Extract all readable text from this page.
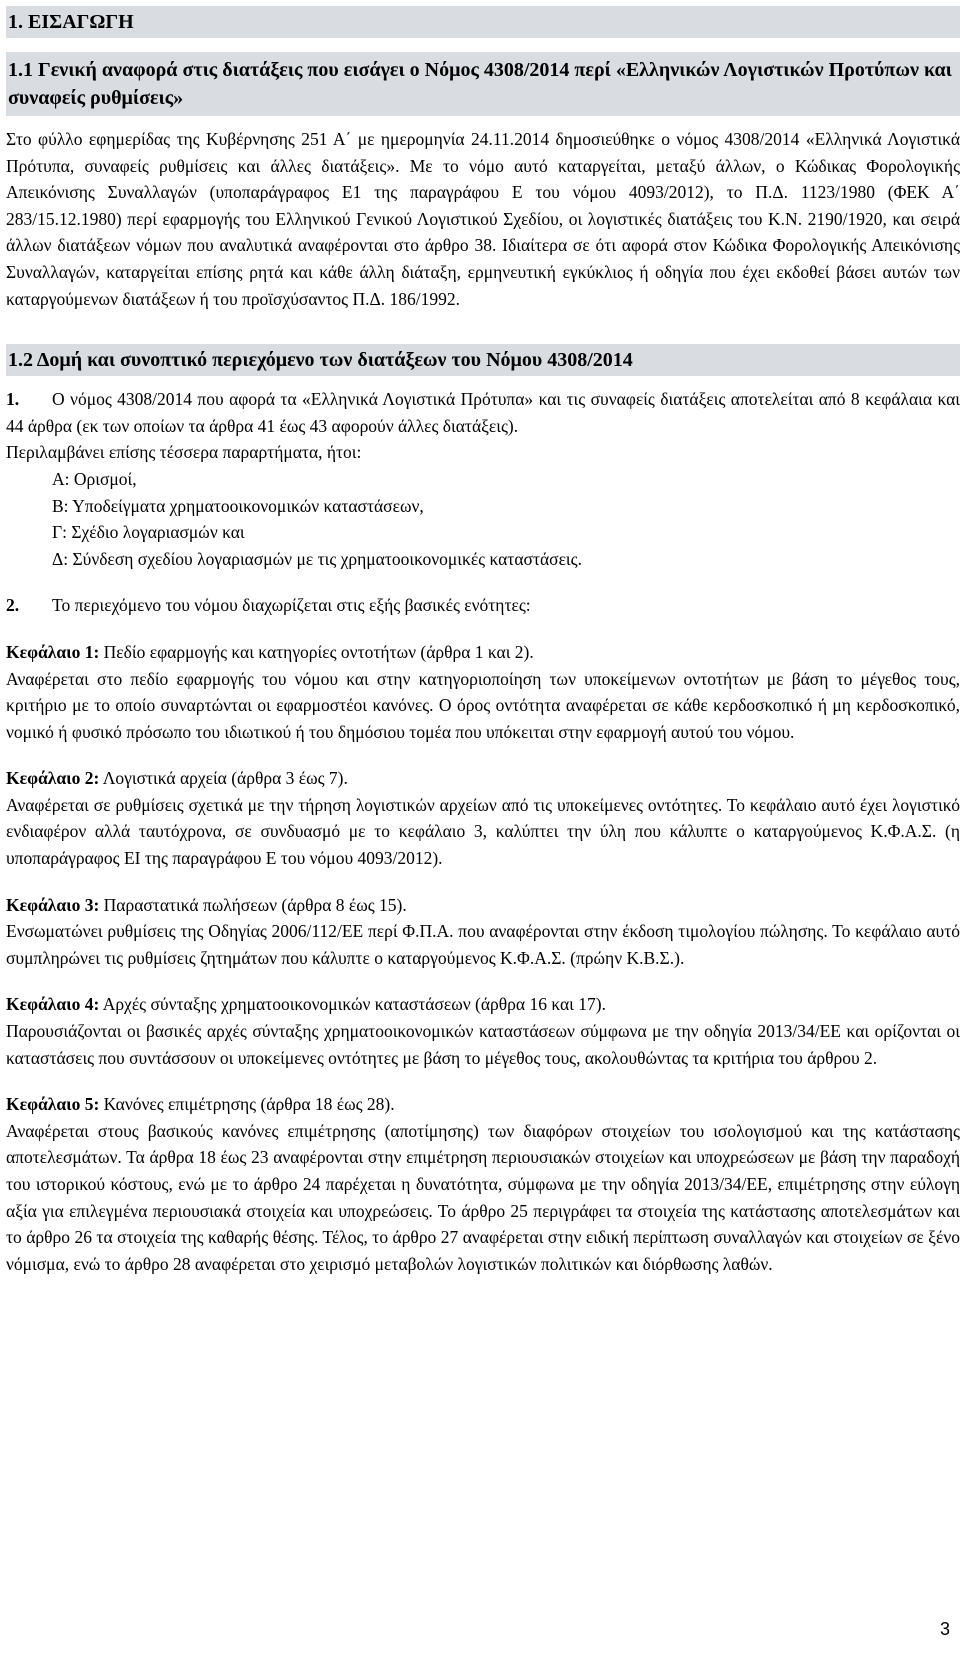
1. ΕΙΣΑΓΩΓΗ
1.1 Γενική αναφορά στις διατάξεις που εισάγει ο Νόμος 4308/2014 περί «Ελληνικών Λογιστικών Προτύπων και συναφείς ρυθμίσεις»

Στο φύλλο εφημερίδας της Κυβέρνησης 251 Α΄ με ημερομηνία 24.11.2014 δημοσιεύθηκε ο νόμος 4308/2014 «Ελληνικά Λογιστικά Πρότυπα, συναφείς ρυθμίσεις και άλλες διατάξεις». Με το νόμο αυτό καταργείται, μεταξύ άλλων, ο Κώδικας Φορολογικής Απεικόνισης Συναλλαγών (υποπαράγραφος Ε1 της παραγράφου Ε του νόμου 4093/2012), το Π.Δ. 1123/1980 (ΦΕΚ Α΄ 283/15.12.1980) περί εφαρμογής του Ελληνικού Γενικού Λογιστικού Σχεδίου, οι λογιστικές διατάξεις του Κ.Ν. 2190/1920, και σειρά άλλων διατάξεων νόμων που αναλυτικά αναφέρονται στο άρθρο 38. Ιδιαίτερα σε ότι αφορά στον Κώδικα Φορολογικής Απεικόνισης Συναλλαγών, καταργείται επίσης ρητά και κάθε άλλη διάταξη, ερμηνευτική εγκύκλιος ή οδηγία που έχει εκδοθεί βάσει αυτών των καταργούμενων διατάξεων ή του προϊσχύσαντος Π.Δ. 186/1992.

1.2 Δομή και συνοπτικό περιεχόμενο των διατάξεων του Νόμου 4308/2014

1. Ο νόμος 4308/2014 που αφορά τα «Ελληνικά Λογιστικά Πρότυπα» και τις συναφείς διατάξεις αποτελείται από 8 κεφάλαια και 44 άρθρα (εκ των οποίων τα άρθρα 41 έως 43 αφορούν άλλες διατάξεις).

Περιλαμβάνει επίσης τέσσερα παραρτήματα, ήτοι:

Α: Ορισμοί,

Β: Υποδείγματα χρηματοοικονομικών καταστάσεων,

Γ: Σχέδιο λογαριασμών και

Δ: Σύνδεση σχεδίου λογαριασμών με τις χρηματοοικονομικές καταστάσεις.

2. Το περιεχόμενο του νόμου διαχωρίζεται στις εξής βασικές ενότητες:

Κεφάλαιο 1: Πεδίο εφαρμογής και κατηγορίες οντοτήτων (άρθρα 1 και 2).

Αναφέρεται στο πεδίο εφαρμογής του νόμου και στην κατηγοριοποίηση των υποκείμενων οντοτήτων με βάση το μέγεθος τους, κριτήριο με το οποίο συναρτώνται οι εφαρμοστέοι κανόνες. Ο όρος οντότητα αναφέρεται σε κάθε κερδοσκοπικό ή μη κερδοσκοπικό, νομικό ή φυσικό πρόσωπο του ιδιωτικού ή του δημόσιου τομέα που υπόκειται στην εφαρμογή αυτού του νόμου.

Κεφάλαιο 2: Λογιστικά αρχεία (άρθρα 3 έως 7).

Αναφέρεται σε ρυθμίσεις σχετικά με την τήρηση λογιστικών αρχείων από τις υποκείμενες οντότητες. Το κεφάλαιο αυτό έχει λογιστικό ενδιαφέρον αλλά ταυτόχρονα, σε συνδυασμό με το κεφάλαιο 3, καλύπτει την ύλη που κάλυπτε ο καταργούμενος Κ.Φ.Α.Σ. (η υποπαράγραφος ΕΙ της παραγράφου Ε του νόμου 4093/2012).

Κεφάλαιο 3: Παραστατικά πωλήσεων (άρθρα 8 έως 15).

Ενσωματώνει ρυθμίσεις της Οδηγίας 2006/112/ΕΕ περί Φ.Π.Α. που αναφέρονται στην έκδοση τιμολογίου πώλησης. Το κεφάλαιο αυτό συμπληρώνει τις ρυθμίσεις ζητημάτων που κάλυπτε ο καταργούμενος Κ.Φ.Α.Σ. (πρώην Κ.Β.Σ.).

Κεφάλαιο 4: Αρχές σύνταξης χρηματοοικονομικών καταστάσεων (άρθρα 16 και 17).

Παρουσιάζονται οι βασικές αρχές σύνταξης χρηματοοικονομικών καταστάσεων σύμφωνα με την οδηγία 2013/34/ΕΕ και ορίζονται οι καταστάσεις που συντάσσουν οι υποκείμενες οντότητες με βάση το μέγεθος τους, ακολουθώντας τα κριτήρια του άρθρου 2.

Κεφάλαιο 5: Κανόνες επιμέτρησης (άρθρα 18 έως 28).

Αναφέρεται στους βασικούς κανόνες επιμέτρησης (αποτίμησης) των διαφόρων στοιχείων του ισολογισμού και της κατάστασης αποτελεσμάτων. Τα άρθρα 18 έως 23 αναφέρονται στην επιμέτρηση περιουσιακών στοιχείων και υποχρεώσεων με βάση την παραδοχή του ιστορικού κόστους, ενώ με το άρθρο 24 παρέχεται η δυνατότητα, σύμφωνα με την οδηγία 2013/34/ΕΕ, επιμέτρησης στην εύλογη αξία για επιλεγμένα περιουσιακά στοιχεία και υποχρεώσεις. Το άρθρο 25 περιγράφει τα στοιχεία της κατάστασης αποτελεσμάτων και το άρθρο 26 τα στοιχεία της καθαρής θέσης. Τέλος, το άρθρο 27 αναφέρεται στην ειδική περίπτωση συναλλαγών και στοιχείων σε ξένο νόμισμα, ενώ το άρθρο 28 αναφέρεται στο χειρισμό μεταβολών λογιστικών πολιτικών και διόρθωσης λαθών.

3
